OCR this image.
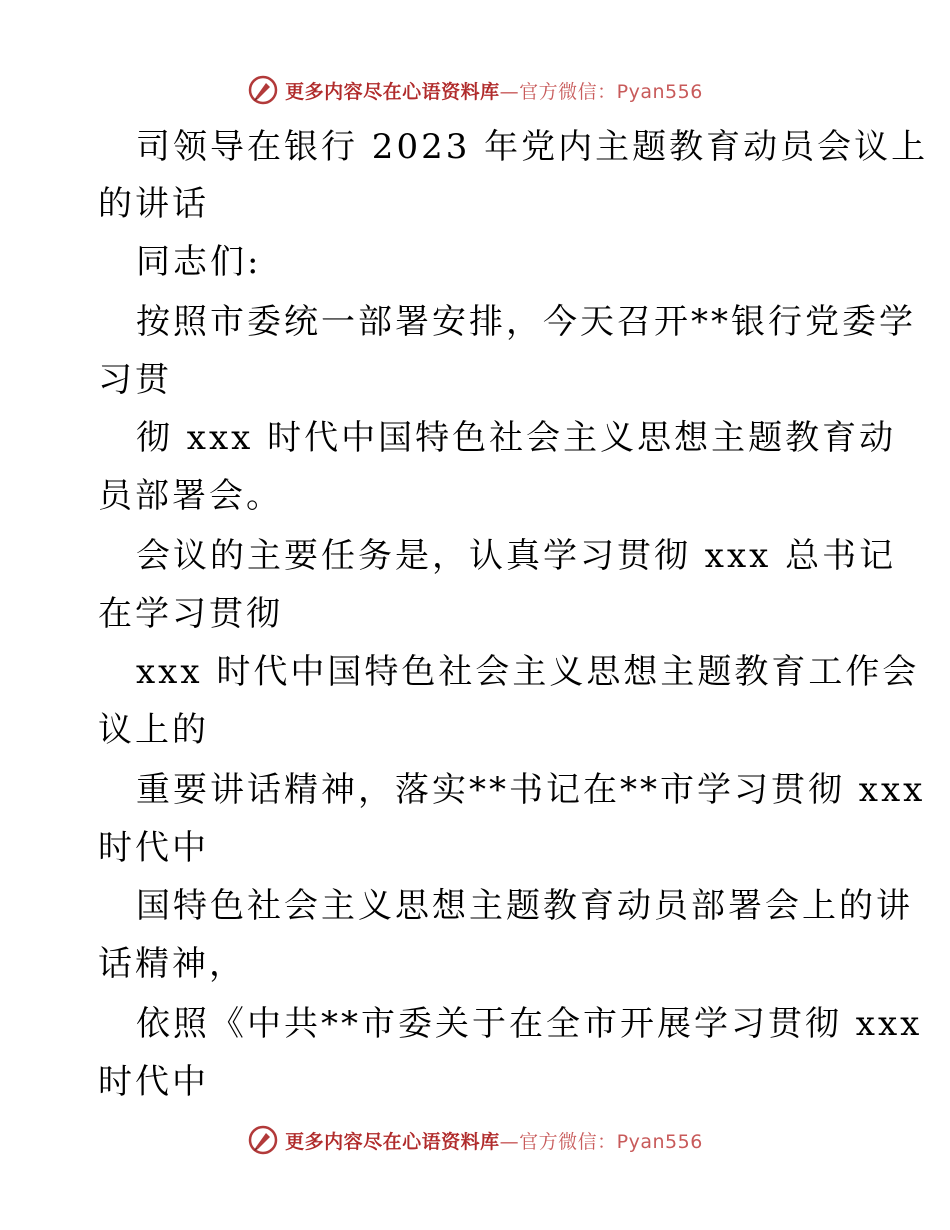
更多内容尽在心语资料库—官方微信：Pyan556
司领导在银行 2023 年党内主题教育动员会议上
的讲话
同志们:
按照市委统一部署安排，今天召开**银行党委学
习贯
彻 xxx 时代中国特色社会主义思想主题教育动
员部署会。
会议的主要任务是，认真学习贯彻 xxx 总书记
在学习贯彻
xxx 时代中国特色社会主义思想主题教育工作会
议上的
重要讲话精神，落实**书记在**市学习贯彻 xxx
时代中
国特色社会主义思想主题教育动员部署会上的讲
话精神，
依照《中共**市委关于在全市开展学习贯彻 xxx
时代中
更多内容尽在心语资料库—官方微信：Pyan556
